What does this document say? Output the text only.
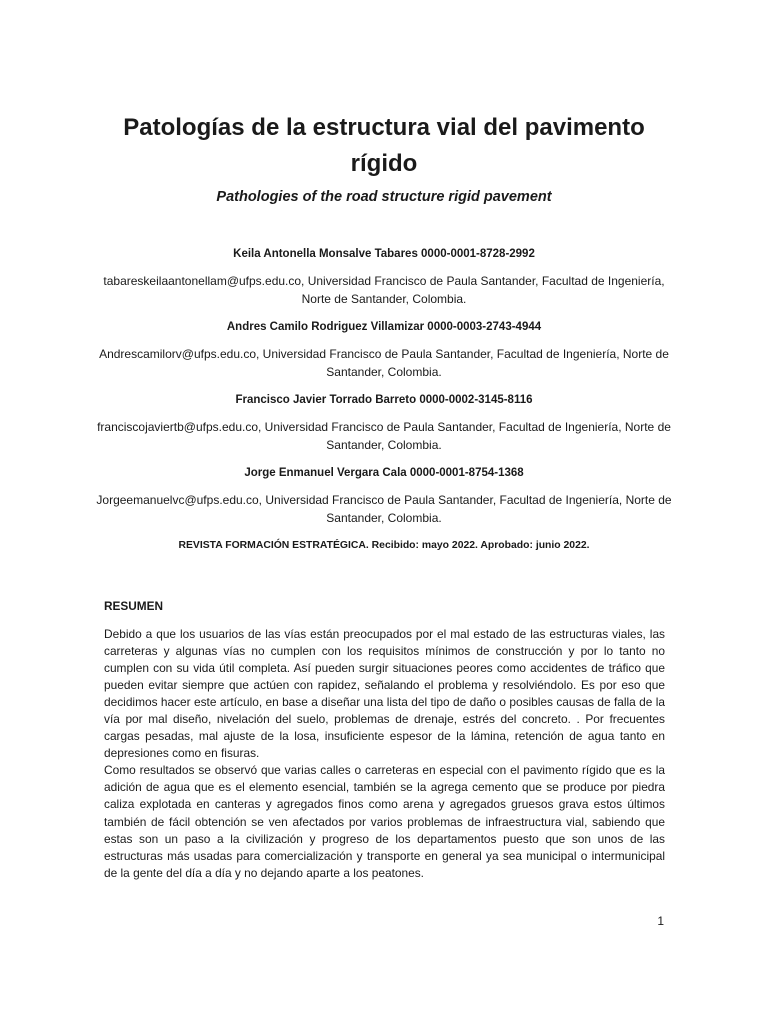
Patologías de la estructura vial del pavimento rígido

Pathologies of the road structure rigid pavement

Keila Antonella Monsalve Tabares 0000-0001-8728-2992

tabareskeilaantonellam@ufps.edu.co, Universidad Francisco de Paula Santander, Facultad de Ingeniería, Norte de Santander, Colombia.

Andres Camilo Rodriguez Villamizar 0000-0003-2743-4944

Andrescamilorv@ufps.edu.co, Universidad Francisco de Paula Santander, Facultad de Ingeniería, Norte de Santander, Colombia.

Francisco Javier Torrado Barreto 0000-0002-3145-8116

franciscojaviertb@ufps.edu.co, Universidad Francisco de Paula Santander, Facultad de Ingeniería, Norte de Santander, Colombia.

Jorge Enmanuel Vergara Cala 0000-0001-8754-1368

Jorgeemanuelvc@ufps.edu.co, Universidad Francisco de Paula Santander, Facultad de Ingeniería, Norte de Santander, Colombia.

REVISTA FORMACIÓN ESTRATÉGICA. Recibido: mayo 2022. Aprobado: junio 2022.

RESUMEN

Debido a que los usuarios de las vías están preocupados por el mal estado de las estructuras viales, las carreteras y algunas vías no cumplen con los requisitos mínimos de construcción y por lo tanto no cumplen con su vida útil completa. Así pueden surgir situaciones peores como accidentes de tráfico que pueden evitar siempre que actúen con rapidez, señalando el problema y resolviéndolo. Es por eso que decidimos hacer este artículo, en base a diseñar una lista del tipo de daño o posibles causas de falla de la vía por mal diseño, nivelación del suelo, problemas de drenaje, estrés del concreto. . Por frecuentes cargas pesadas, mal ajuste de la losa, insuficiente espesor de la lámina, retención de agua tanto en depresiones como en fisuras.

Como resultados se observó que varias calles o carreteras en especial con el pavimento rígido que es la adición de agua que es el elemento esencial, también se la agrega cemento que se produce por piedra caliza explotada en canteras y agregados finos como arena y agregados gruesos grava estos últimos también de fácil obtención se ven afectados por varios problemas de infraestructura vial, sabiendo que estas son un paso a la civilización y progreso de los departamentos puesto que son unos de las estructuras más usadas para comercialización y transporte en general ya sea municipal o intermunicipal de la gente del día a día y no dejando aparte a los peatones.

1
